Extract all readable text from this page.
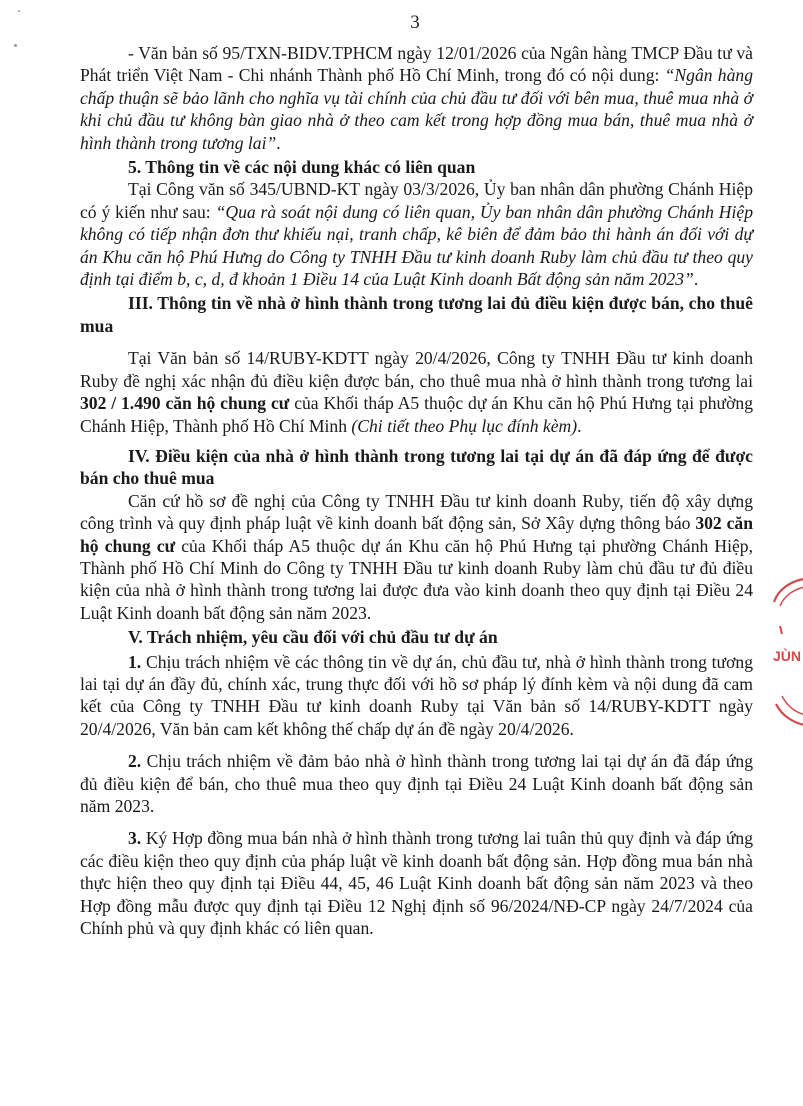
3

- Văn bản số 95/TXN-BIDV.TPHCM ngày 12/01/2026 của Ngân hàng TMCP Đầu tư và Phát triển Việt Nam - Chi nhánh Thành phố Hồ Chí Minh, trong đó có nội dung: “Ngân hàng chấp thuận sẽ bảo lãnh cho nghĩa vụ tài chính của chủ đầu tư đối với bên mua, thuê mua nhà ở khi chủ đầu tư không bàn giao nhà ở theo cam kết trong hợp đồng mua bán, thuê mua nhà ở hình thành trong tương lai”.

5. Thông tin về các nội dung khác có liên quan

Tại Công văn số 345/UBND-KT ngày 03/3/2026, Ủy ban nhân dân phường Chánh Hiệp có ý kiến như sau: “Qua rà soát nội dung có liên quan, Ủy ban nhân dân phường Chánh Hiệp không có tiếp nhận đơn thư khiếu nại, tranh chấp, kê biên để đảm bảo thi hành án đối với dự án Khu căn hộ Phú Hưng do Công ty TNHH Đầu tư kinh doanh Ruby làm chủ đầu tư theo quy định tại điểm b, c, d, đ khoản 1 Điều 14 của Luật Kinh doanh Bất động sản năm 2023”.

III. Thông tin về nhà ở hình thành trong tương lai đủ điều kiện được bán, cho thuê mua

Tại Văn bản số 14/RUBY-KDTT ngày 20/4/2026, Công ty TNHH Đầu tư kinh doanh Ruby đề nghị xác nhận đủ điều kiện được bán, cho thuê mua nhà ở hình thành trong tương lai 302 / 1.490 căn hộ chung cư của Khối tháp A5 thuộc dự án Khu căn hộ Phú Hưng tại phường Chánh Hiệp, Thành phố Hồ Chí Minh (Chi tiết theo Phụ lục đính kèm).

IV. Điều kiện của nhà ở hình thành trong tương lai tại dự án đã đáp ứng để được bán cho thuê mua

Căn cứ hồ sơ đề nghị của Công ty TNHH Đầu tư kinh doanh Ruby, tiến độ xây dựng công trình và quy định pháp luật về kinh doanh bất động sản, Sở Xây dựng thông báo 302 căn hộ chung cư của Khối tháp A5 thuộc dự án Khu căn hộ Phú Hưng tại phường Chánh Hiệp, Thành phố Hồ Chí Minh do Công ty TNHH Đầu tư kinh doanh Ruby làm chủ đầu tư đủ điều kiện của nhà ở hình thành trong tương lai được đưa vào kinh doanh theo quy định tại Điều 24 Luật Kinh doanh bất động sản năm 2023.

V. Trách nhiệm, yêu cầu đối với chủ đầu tư dự án

1. Chịu trách nhiệm về các thông tin về dự án, chủ đầu tư, nhà ở hình thành trong tương lai tại dự án đầy đủ, chính xác, trung thực đối với hồ sơ pháp lý đính kèm và nội dung đã cam kết của Công ty TNHH Đầu tư kinh doanh Ruby tại Văn bản số 14/RUBY-KDTT ngày 20/4/2026, Văn bản cam kết không thế chấp dự án đề ngày 20/4/2026.

2. Chịu trách nhiệm về đảm bảo nhà ở hình thành trong tương lai tại dự án đã đáp ứng đủ điều kiện để bán, cho thuê mua theo quy định tại Điều 24 Luật Kinh doanh bất động sản năm 2023.

3. Ký Hợp đồng mua bán nhà ở hình thành trong tương lai tuân thủ quy định và đáp ứng các điều kiện theo quy định của pháp luật về kinh doanh bất động sản. Hợp đồng mua bán nhà thực hiện theo quy định tại Điều 44, 45, 46 Luật Kinh doanh bất động sản năm 2023 và theo Hợp đồng mẫu được quy định tại Điều 12 Nghị định số 96/2024/NĐ-CP ngày 24/7/2024 của Chính phủ và quy định khác có liên quan.

JÙN
